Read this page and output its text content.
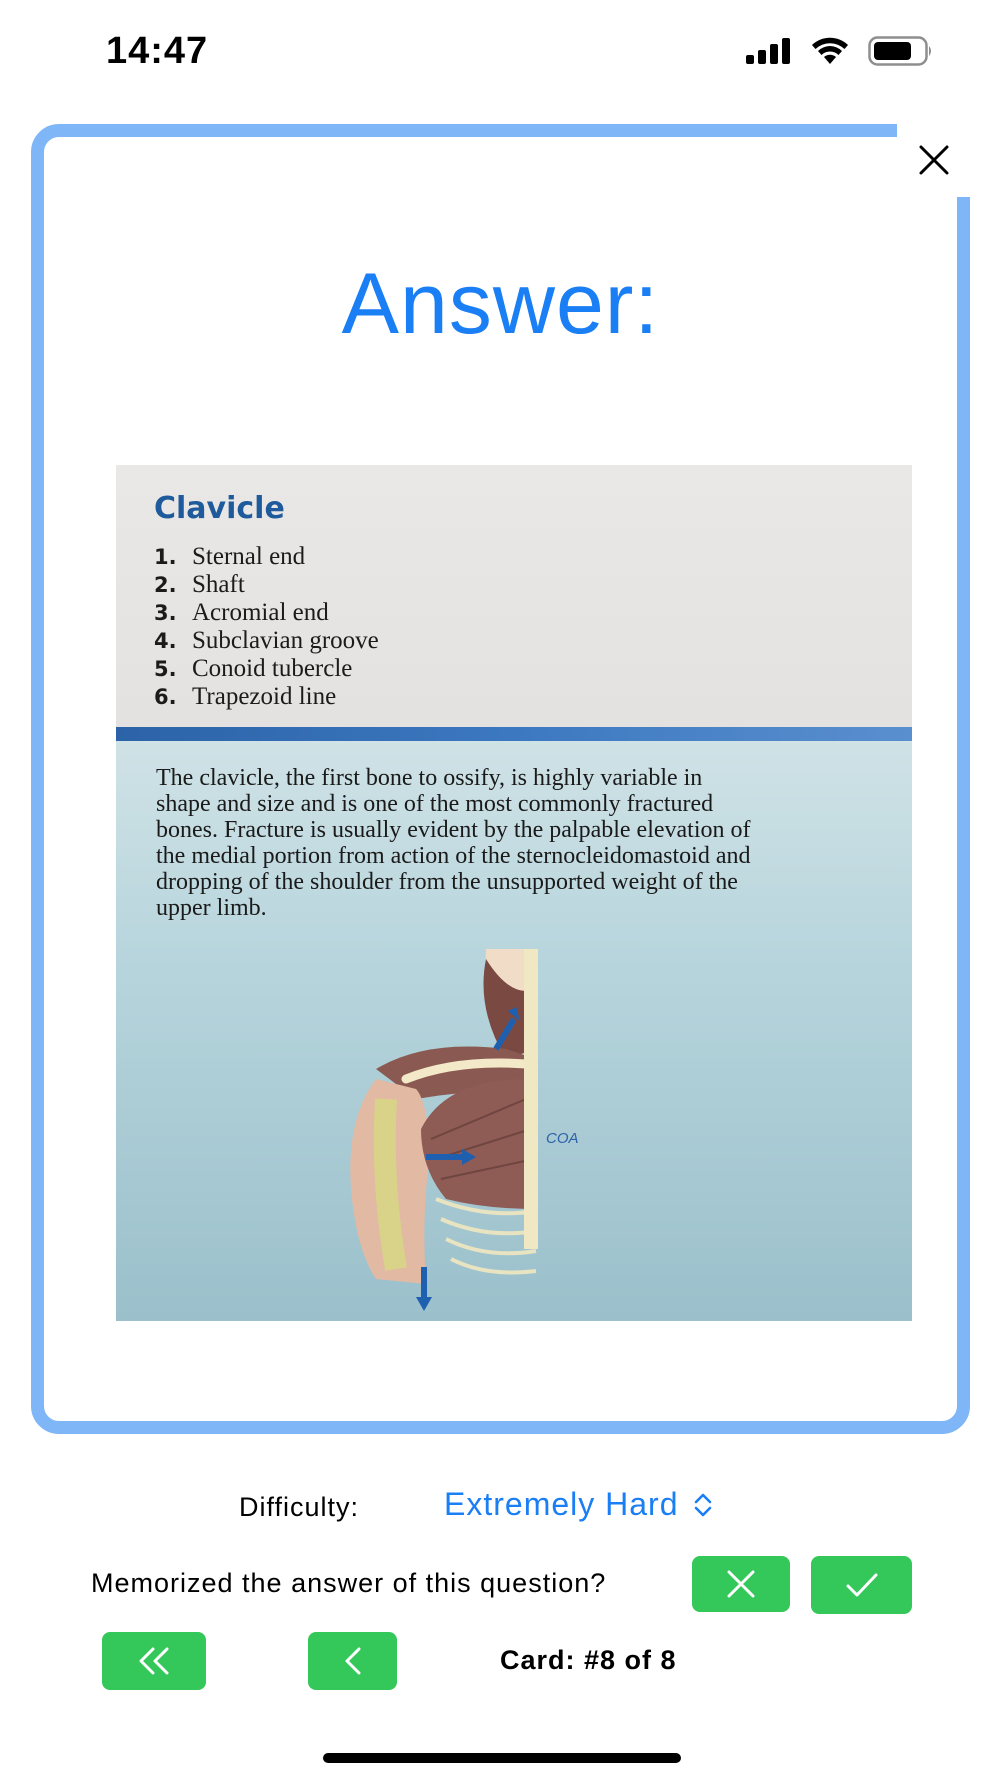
14:47
Answer:
Clavicle
1. Sternal end
2. Shaft
3. Acromial end
4. Subclavian groove
5. Conoid tubercle
6. Trapezoid line
The clavicle, the first bone to ossify, is highly variable in
shape and size and is one of the most commonly fractured
bones. Fracture is usually evident by the palpable elevation of
the medial portion from action of the sternocleidomastoid and
dropping of the shoulder from the unsupported weight of the
upper limb.
COA
Difficulty:	Extremely Hard
Memorized the answer of this question?
Card: #8 of 8
